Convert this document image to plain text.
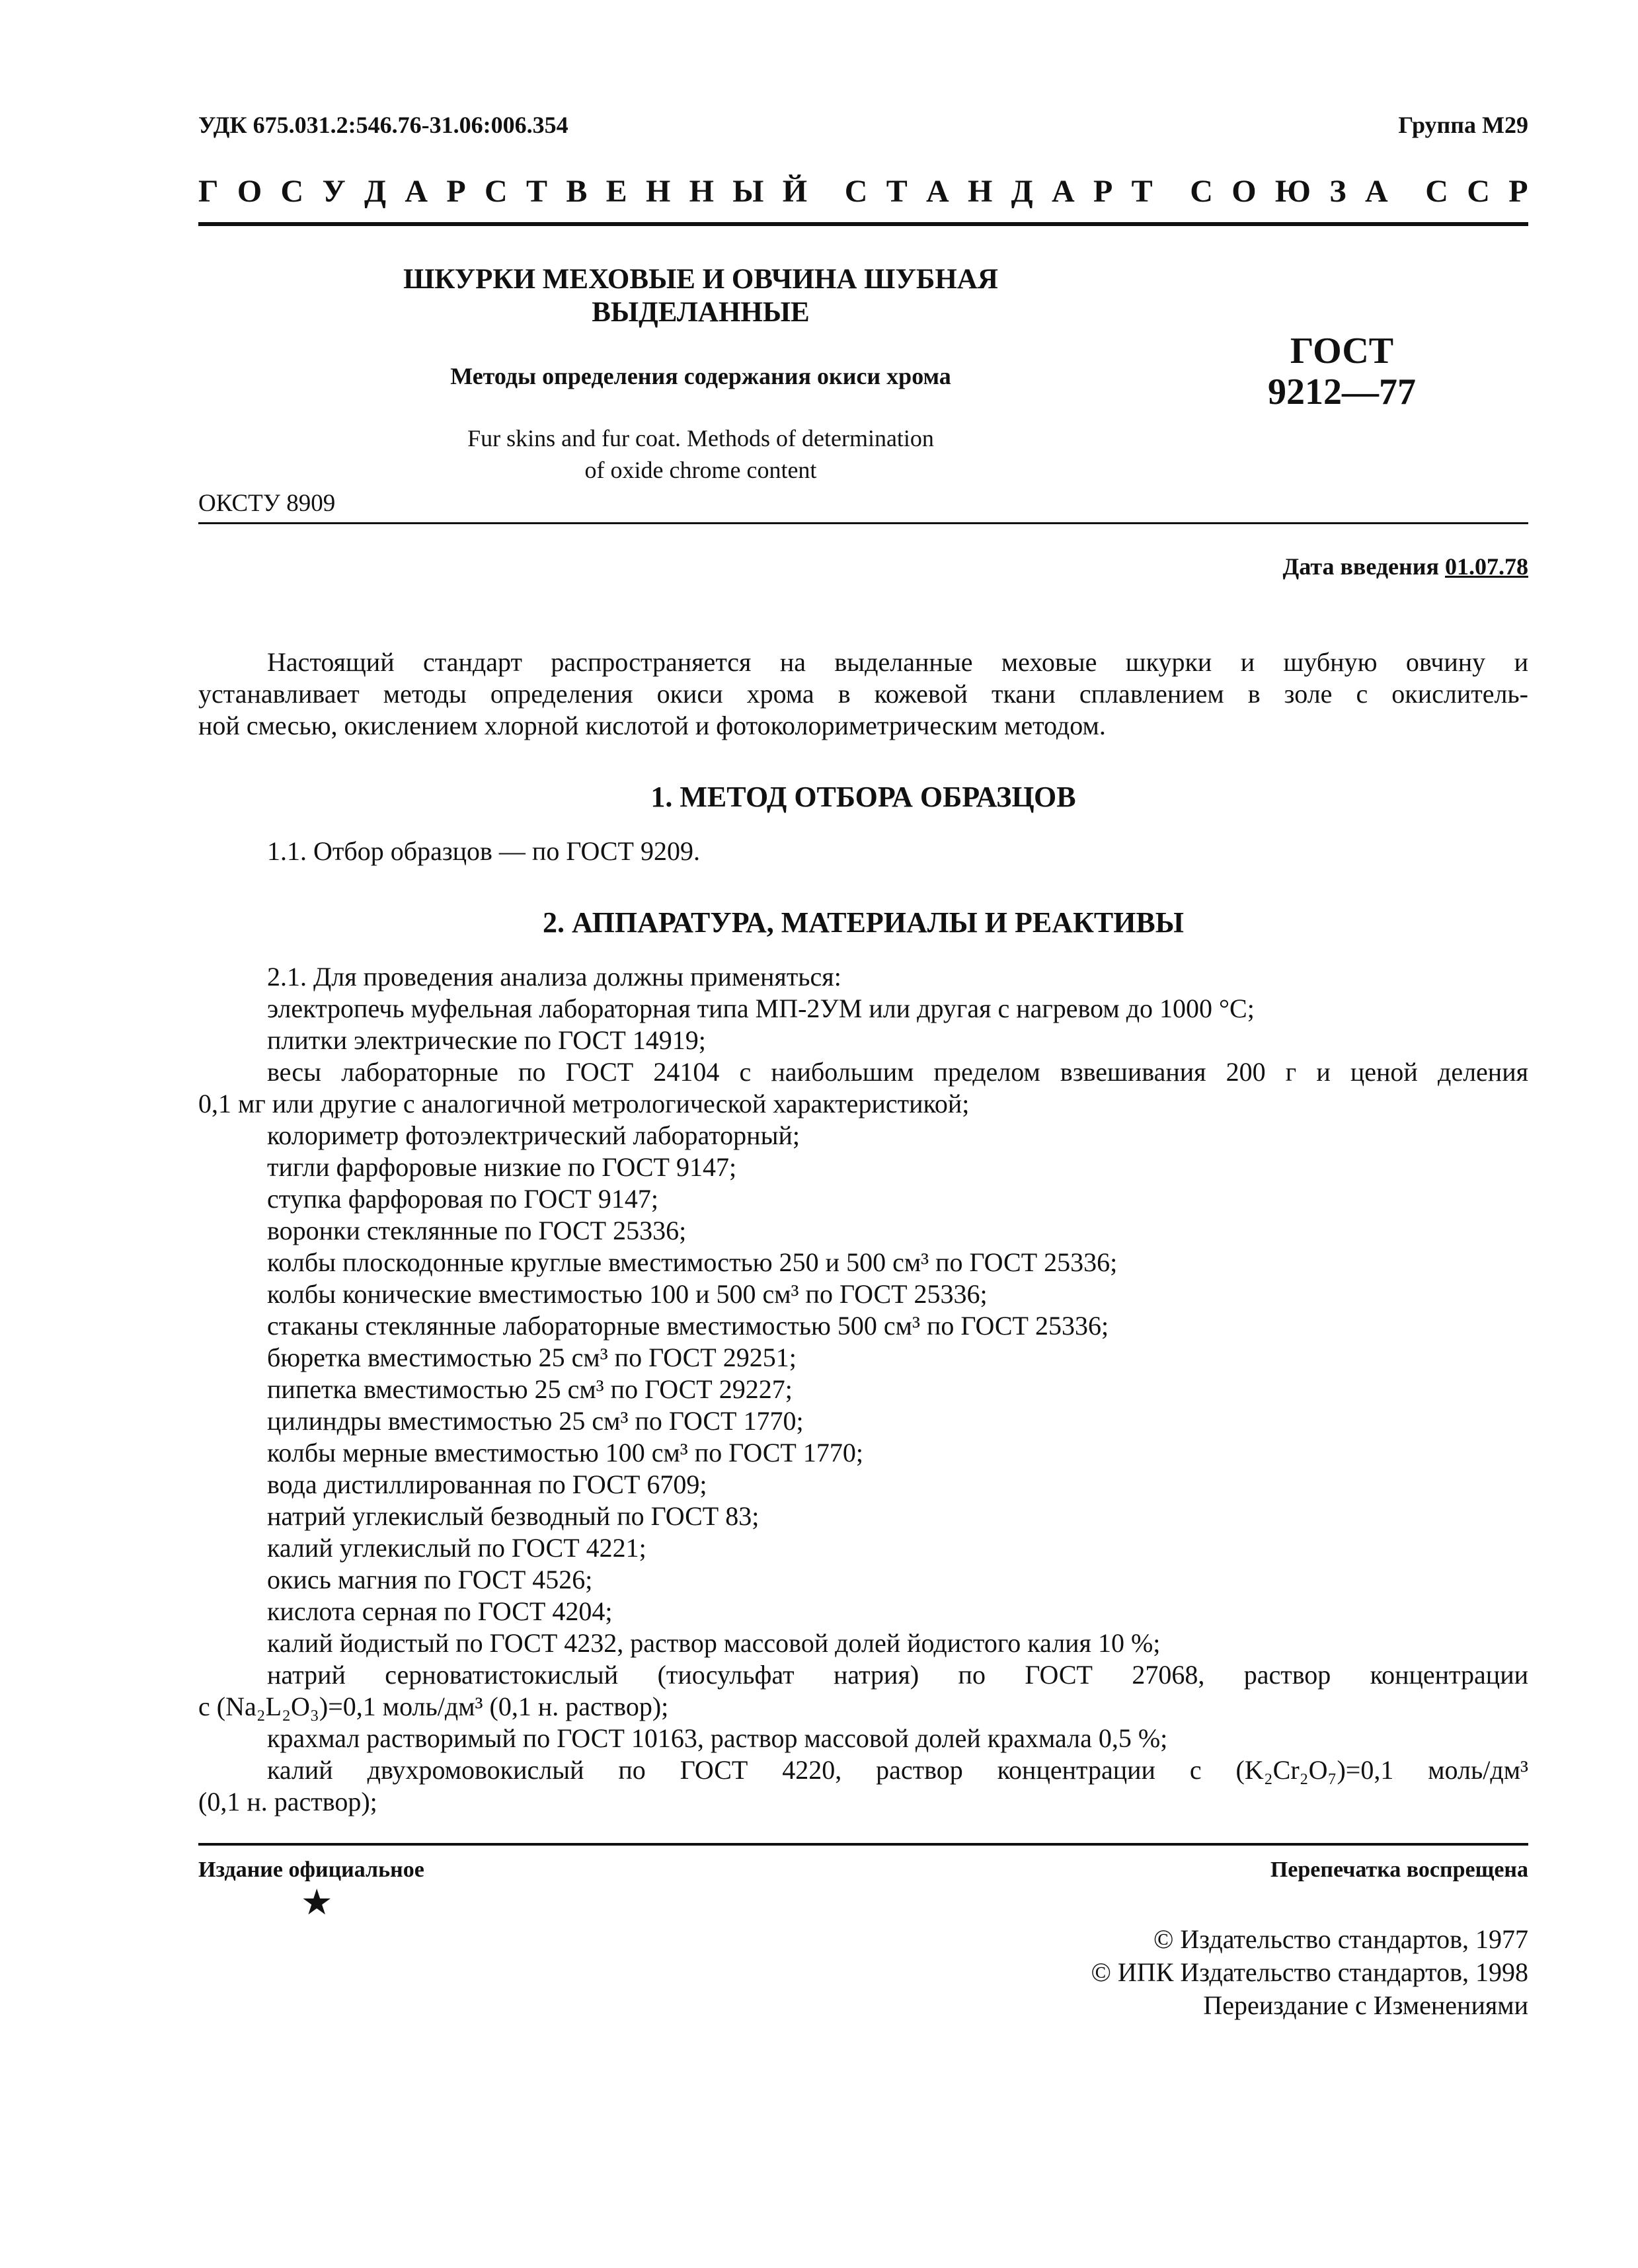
УДК 675.031.2:546.76-31.06:006.354	Группа М29
Г О С У Д А Р С Т В Е Н Н Ы Й С Т А Н Д А Р Т С О Ю З А С С Р
ШКУРКИ МЕХОВЫЕ И ОВЧИНА ШУБНАЯ
ВЫДЕЛАННЫЕ
Методы определения содержания окиси хрома
Fur skins and fur coat. Methods of determination
of oxide chrome content
ОКСТУ 8909
ГОСТ
9212—77
Дата введения 01.07.78
Настоящий стандарт распространяется на выделанные меховые шкурки и шубную овчину и
устанавливает методы определения окиси хрома в кожевой ткани сплавлением в золе с окислитель-
ной смесью, окислением хлорной кислотой и фотоколориметрическим методом.
1. МЕТОД ОТБОРА ОБРАЗЦОВ
1.1. Отбор образцов — по ГОСТ 9209.
2. АППАРАТУРА, МАТЕРИАЛЫ И РЕАКТИВЫ
2.1. Для проведения анализа должны применяться:
электропечь муфельная лабораторная типа МП-2УМ или другая с нагревом до 1000 °С;
плитки электрические по ГОСТ 14919;
весы лабораторные по ГОСТ 24104 с наибольшим пределом взвешивания 200 г и ценой деления
0,1 мг или другие с аналогичной метрологической характеристикой;
колориметр фотоэлектрический лабораторный;
тигли фарфоровые низкие по ГОСТ 9147;
ступка фарфоровая по ГОСТ 9147;
воронки стеклянные по ГОСТ 25336;
колбы плоскодонные круглые вместимостью 250 и 500 см³ по ГОСТ 25336;
колбы конические вместимостью 100 и 500 см³ по ГОСТ 25336;
стаканы стеклянные лабораторные вместимостью 500 см³ по ГОСТ 25336;
бюретка вместимостью 25 см³ по ГОСТ 29251;
пипетка вместимостью 25 см³ по ГОСТ 29227;
цилиндры вместимостью 25 см³ по ГОСТ 1770;
колбы мерные вместимостью 100 см³ по ГОСТ 1770;
вода дистиллированная по ГОСТ 6709;
натрий углекислый безводный по ГОСТ 83;
калий углекислый по ГОСТ 4221;
окись магния по ГОСТ 4526;
кислота серная по ГОСТ 4204;
калий йодистый по ГОСТ 4232, раствор массовой долей йодистого калия 10 %;
натрий серноватистокислый (тиосульфат натрия) по ГОСТ 27068, раствор концентрации
с (Na₂L₂O₃)=0,1 моль/дм³ (0,1 н. раствор);
крахмал растворимый по ГОСТ 10163, раствор массовой долей крахмала 0,5 %;
калий двухромовокислый по ГОСТ 4220, раствор концентрации с (K₂Cr₂O₇)=0,1 моль/дм³
(0,1 н. раствор);
Издание официальное	Перепечатка воспрещена
★
© Издательство стандартов, 1977
© ИПК Издательство стандартов, 1998
Переиздание с Изменениями
